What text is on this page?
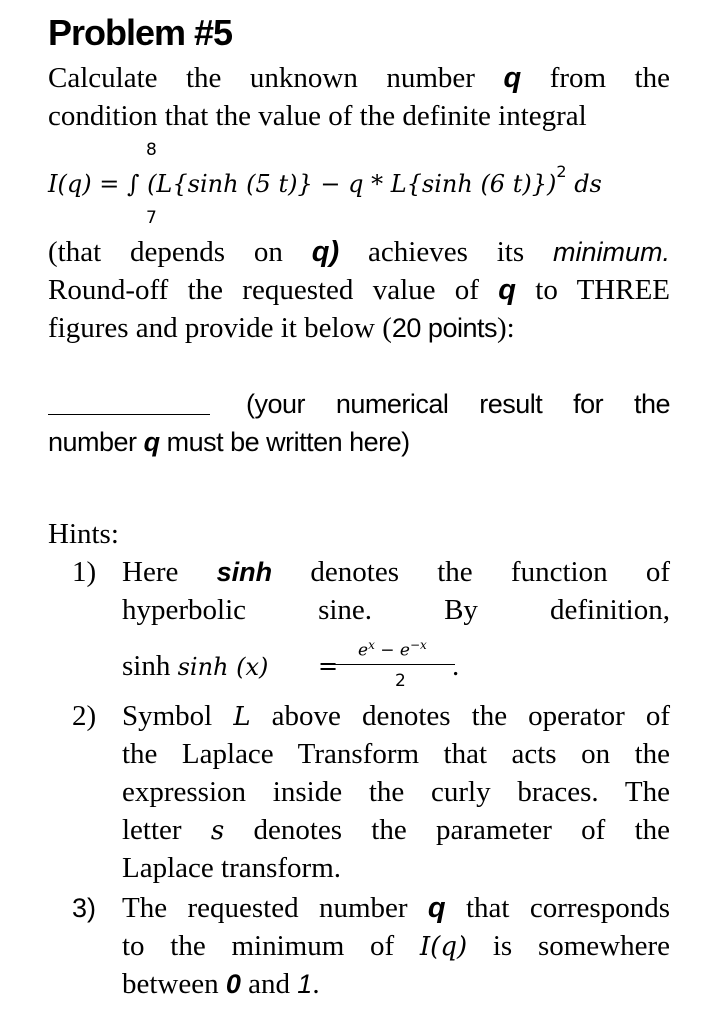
Problem #5
Calculate the unknown number q from the
condition that the value of the definite integral
8
I(q) = ∫ (L{sinh (5 t)} − q * L{sinh (6 t)})$^2$ ds
7
(that depends on q) achieves its minimum.
Round-off the requested value of q to THREE
figures and provide it below (20 points):
(your numerical result for the
number q must be written here)
Hints:
1) Here sinh denotes the function of
hyperbolic sine. By definition,
sinh sinh (x) =
$e^x - e^{-x}$
2 .
2) Symbol L above denotes the operator of
the Laplace Transform that acts on the
expression inside the curly braces. The
letter s denotes the parameter of the
Laplace transform.
3) The requested number q that corresponds
to the minimum of I(q) is somewhere
between 0 and 1.
